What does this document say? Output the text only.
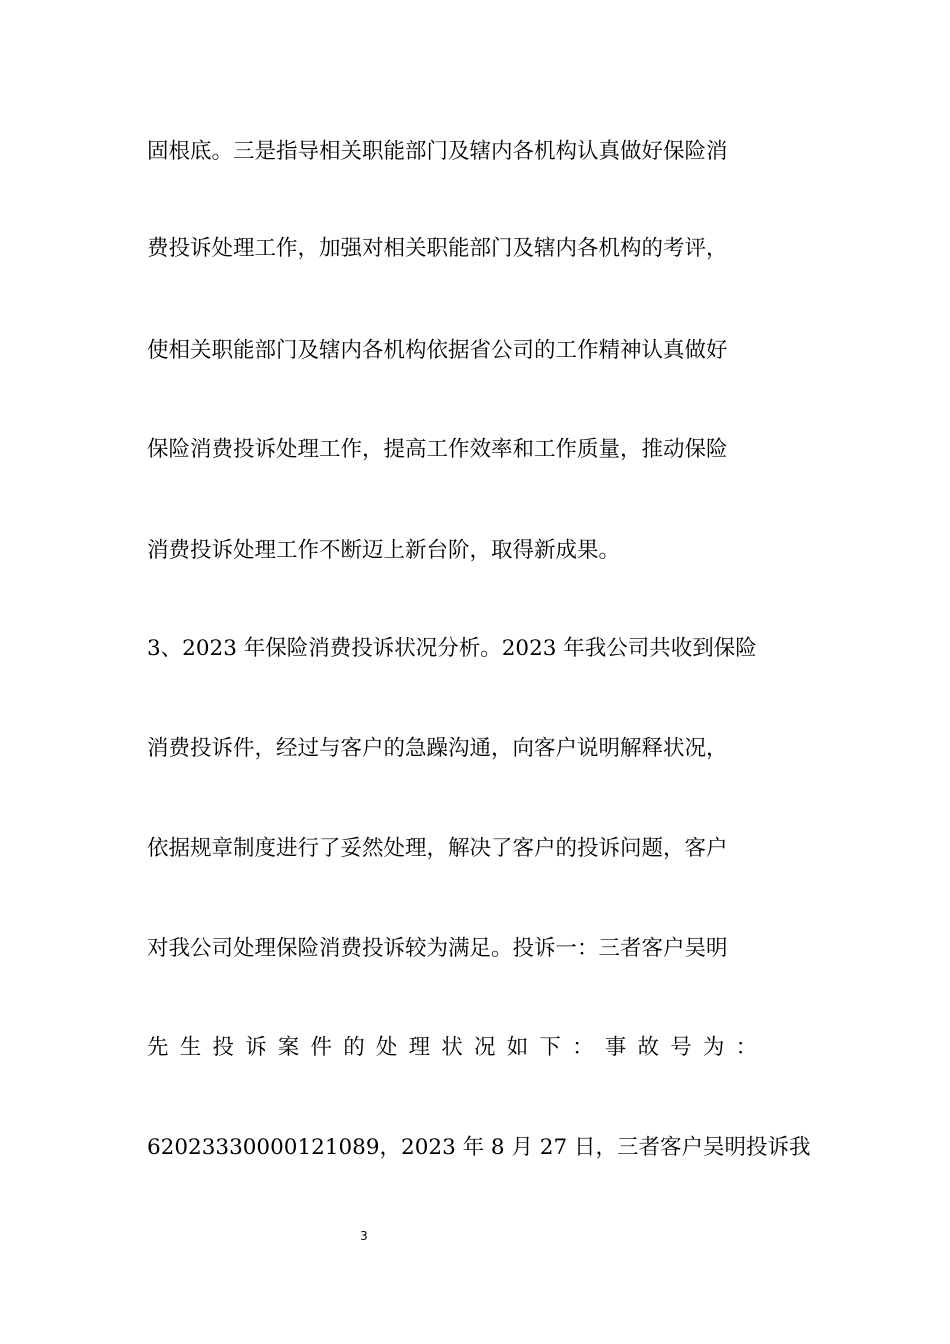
固根底。三是指导相关职能部门及辖内各机构认真做好保险消
费投诉处理工作，加强对相关职能部门及辖内各机构的考评，
使相关职能部门及辖内各机构依据省公司的工作精神认真做好
保险消费投诉处理工作，提高工作效率和工作质量，推动保险
消费投诉处理工作不断迈上新台阶，取得新成果。
3、2023 年保险消费投诉状况分析。2023 年我公司共收到保险
消费投诉件，经过与客户的急躁沟通，向客户说明解释状况，
依据规章制度进行了妥然处理，解决了客户的投诉问题，客户
对我公司处理保险消费投诉较为满足。投诉一：三者客户吴明
先生投诉案件的处理状况如下：事故号为：
62023330000121089，2023 年 8 月 27 日，三者客户吴明投诉我
3
